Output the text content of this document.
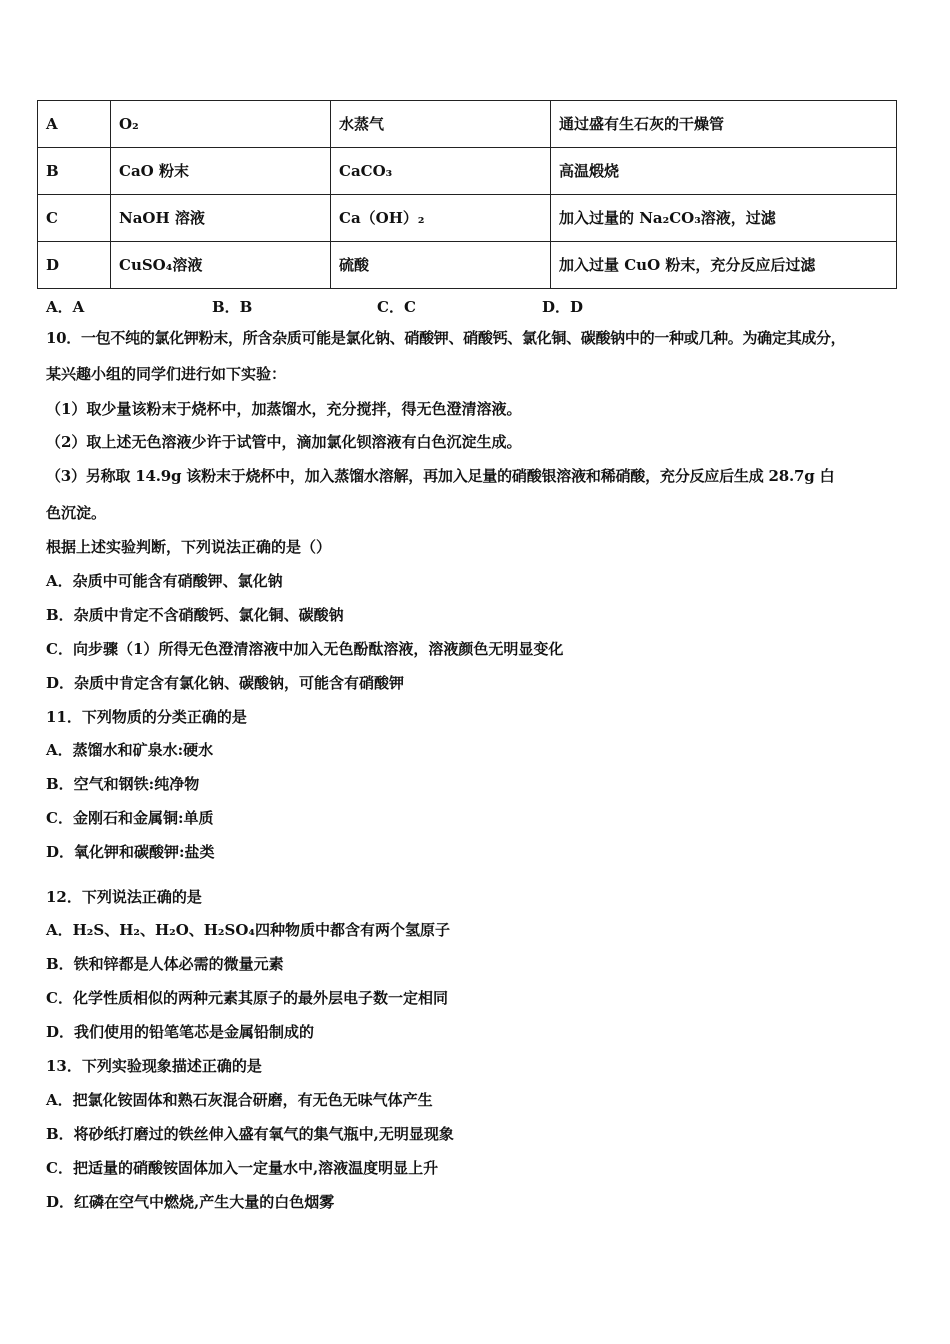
A	O₂	水蒸气	通过盛有生石灰的干燥管
B	CaO 粉末	CaCO₃	高温煅烧
C	NaOH 溶液	Ca（OH）₂	加入过量的 Na₂CO₃溶液，过滤
D	CuSO₄溶液	硫酸	加入过量 CuO 粉末，充分反应后过滤
A．A	B．B	C．C	D．D
10．一包不纯的氯化钾粉末，所含杂质可能是氯化钠、硝酸钾、硝酸钙、氯化铜、碳酸钠中的一种或几种。为确定其成分，
某兴趣小组的同学们进行如下实验：
（1）取少量该粉末于烧杯中，加蒸馏水，充分搅拌，得无色澄清溶液。
（2）取上述无色溶液少许于试管中，滴加氯化钡溶液有白色沉淀生成。
（3）另称取 14.9g 该粉末于烧杯中，加入蒸馏水溶解，再加入足量的硝酸银溶液和稀硝酸，充分反应后生成 28.7g 白
色沉淀。
根据上述实验判断，下列说法正确的是（）
A．杂质中可能含有硝酸钾、氯化钠
B．杂质中肯定不含硝酸钙、氯化铜、碳酸钠
C．向步骤（1）所得无色澄清溶液中加入无色酚酞溶液，溶液颜色无明显变化
D．杂质中肯定含有氯化钠、碳酸钠，可能含有硝酸钾
11．下列物质的分类正确的是
A．蒸馏水和矿泉水:硬水
B．空气和钢铁:纯净物
C．金刚石和金属铜:单质
D．氧化钾和碳酸钾:盐类
12．下列说法正确的是
A．H₂S、H₂、H₂O、H₂SO₄四种物质中都含有两个氢原子
B．铁和锌都是人体必需的微量元素
C．化学性质相似的两种元素其原子的最外层电子数一定相同
D．我们使用的铅笔笔芯是金属铅制成的
13．下列实验现象描述正确的是
A．把氯化铵固体和熟石灰混合研磨，有无色无味气体产生
B．将砂纸打磨过的铁丝伸入盛有氧气的集气瓶中,无明显现象
C．把适量的硝酸铵固体加入一定量水中,溶液温度明显上升
D．红磷在空气中燃烧,产生大量的白色烟雾
